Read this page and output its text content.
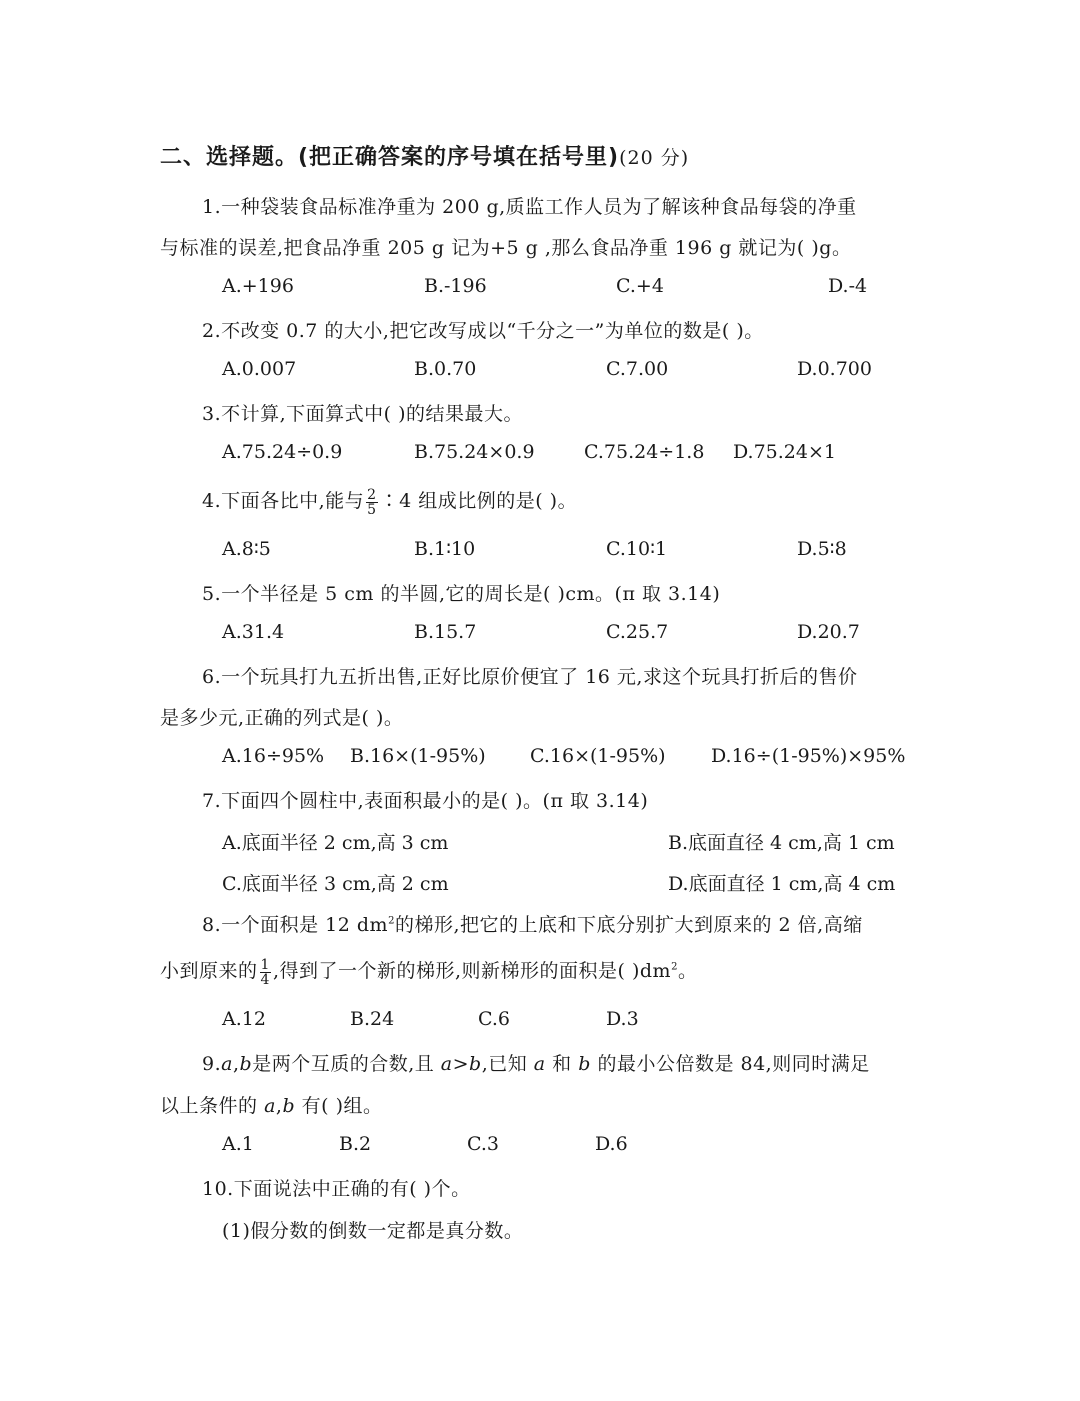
二、选择题。(把正确答案的序号填在括号里)(20 分)
1.一种袋装食品标准净重为 200 g,质监工作人员为了解该种食品每袋的净重
与标准的误差,把食品净重 205 g 记为+5 g ,那么食品净重 196 g 就记为( )g。
A.+196	B.-196	C.+4	D.-4
2.不改变 0.7 的大小,把它改写成以“千分之一”为单位的数是( )。
A.0.007	B.0.70	C.7.00	D.0.700
3.不计算,下面算式中( )的结果最大。
A.75.24÷0.9	B.75.24×0.9	C.75.24÷1.8 D.75.24×1
4.下面各比中,能与 $\frac{2}{5}$ ∶4 组成比例的是( )。
A.8∶5	B.1∶10	C.10∶1	D.5∶8
5.一个半径是 5 cm 的半圆,它的周长是( )cm。(π 取 3.14)
A.31.4	B.15.7	C.25.7	D.20.7
6.一个玩具打九五折出售,正好比原价便宜了 16 元,求这个玩具打折后的售价
是多少元,正确的列式是( )。
A.16÷95% B.16×(1-95%) C.16×(1-95%) D.16÷(1-95%)×95%
7.下面四个圆柱中,表面积最小的是( )。(π 取 3.14)
A.底面半径 2 cm,高 3 cm	B.底面直径 4 cm,高 1 cm
C.底面半径 3 cm,高 2 cm	D.底面直径 1 cm,高 4 cm
8.一个面积是 12 $dm^2$的梯形,把它的上底和下底分别扩大到原来的 2 倍,高缩
小到原来的 $\frac{1}{4}$ ,得到了一个新的梯形,则新梯形的面积是( )$dm^2$。
A.12	B.24	C.6	D.3
9.a,b是两个互质的合数,且 a>b,已知 a 和 b 的最小公倍数是 84,则同时满足
以上条件的 a,b 有( )组。
A.1	B.2	C.3	D.6
10.下面说法中正确的有( )个。
(1)假分数的倒数一定都是真分数。
